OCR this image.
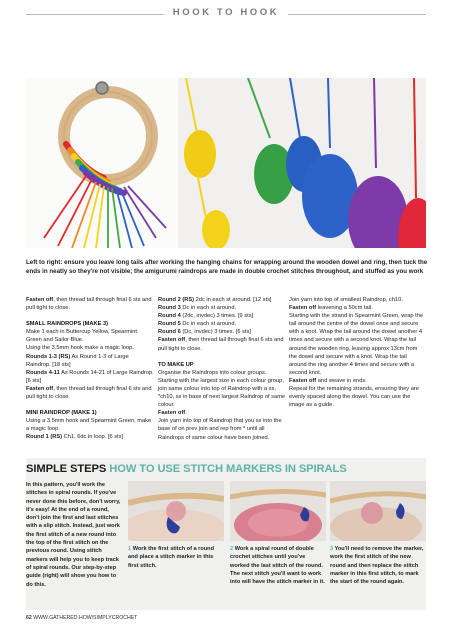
HOOK TO HOOK
Left to right: ensure you leave long tails after working the hanging chains for wrapping around the wooden dowel and ring, then tuck the ends in neatly so they're not visible; the amigurumi raindrops are made in double crochet stitches throughout, and stuffed as you work

Fasten off, then thread tail through final 6 sts and pull tight to close.

SMALL RAINDROPS (MAKE 3)

Make 1 each in Buttercup Yellow, Spearmint Green and Sailor Blue.

Using the 3.5mm hook make a magic loop.

Rounds 1-3 (RS) As Round 1-3 of Large Raindrop. [18 sts]

Rounds 4-11 As Rounds 14-21 of Large Raindrop. [6 sts]

Fasten off, then thread tail through final 6 sts and pull tight to close.

MINI RAINDROP (MAKE 1)

Using a 3.5mm hook and Spearmint Green, make a magic loop.

Round 1 (RS) Ch1, 6dc in loop. [6 sts]

Round 2 (RS) 2dc in each st around. [12 sts]

Round 3 Dc in each st around.

Round 4 (2dc, invdec) 3 times. [9 sts]

Round 5 Dc in each st around.

Round 6 (Dc, invdec) 3 times. [6 sts]

Fasten off, then thread tail through final 6 sts and pull tight to close.

TO MAKE UP

Organise the Raindrops into colour groups. Starting with the largest size in each colour group, join same colour into top of Raindrop with a ss, *ch10, ss in base of next largest Raindrop of same colour.

Fasten off.

Join yarn into top of Raindrop that you ss into the base of on prev join and rep from * until all Raindrops of same colour have been joined.

Join yarn into top of smallest Raindrop, ch10.

Fasten off leavening a 50cm tail.

Starting with the strand in Spearmint Green, wrap the tail around the centre of the dowel once and secure with a knot. Wrap the tail around the dowel another 4 times and secure with a second knot. Wrap the tail around the wooden ring, leaving approx 13cm from the dowel and secure with a knot. Wrap the tail around the ring another 4 times and secure with a second knot.

Fasten off and weave in ends.

Repeat for the remaining strands, ensuring they are evenly spaced along the dowel. You can use the image as a guide.

SIMPLE STEPS HOW TO USE STITCH MARKERS IN SPIRALS
In this pattern, you'll work the stitches in spiral rounds. If you've never done this before, don't worry, it's easy! At the end of a round, don't join the first and last stitches with a slip stitch. Instead, just work the first stitch of a new round into the top of the first stitch on the previous round. Using stitch markers will help you to keep track of spiral rounds. Our step-by-step guide (right) will show you how to do this.
1 Work the first stitch of a round and place a stitch marker in this first stitch.
2 Work a spiral round of double crochet stitches until you've worked the last stitch of the round. The next stitch you'll want to work into will have the stitch marker in it.
3 You'll need to remove the marker, work the first stitch of the new round and then replace the stitch marker in this first stitch, to mark the start of the round again.
62 WWW.GATHERED.HOW/SIMPLYCROCHET
